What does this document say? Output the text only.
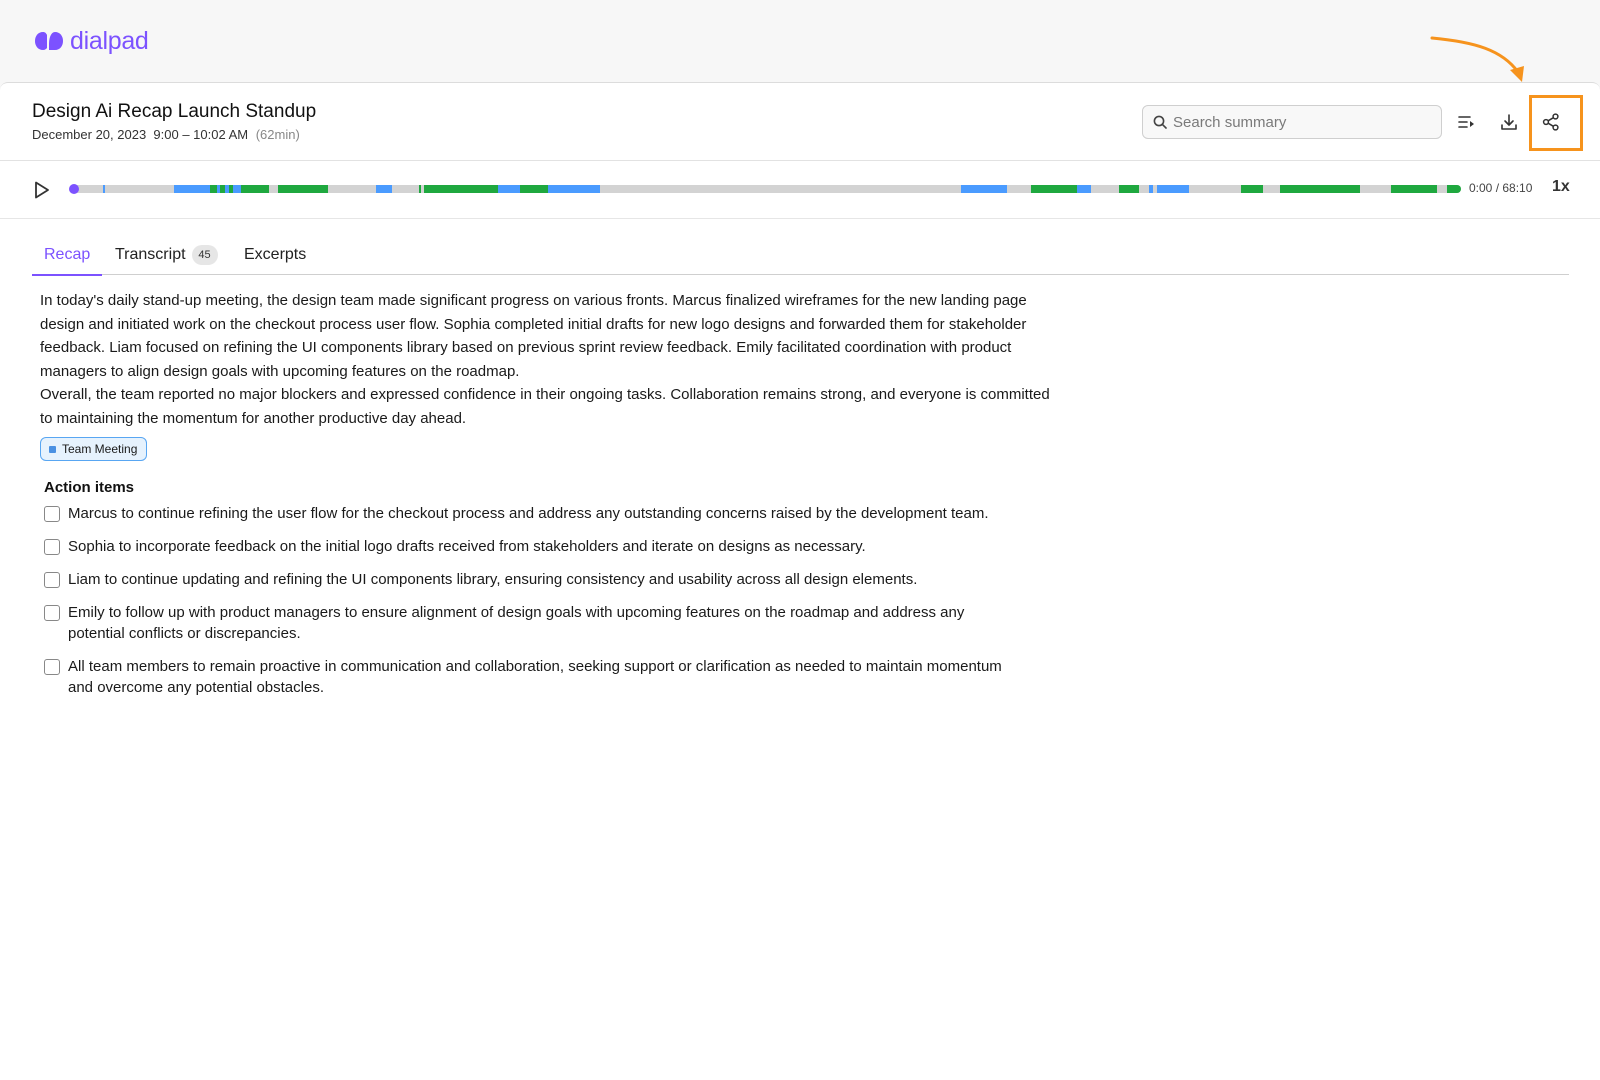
dialpad
Design Ai Recap Launch Standup
December 20, 2023  9:00 – 10:02 AM (62min)
Search summary
0:00 / 68:10 1x
Recap Transcript	45	Excerpts

In today's daily stand-up meeting, the design team made significant progress on various fronts. Marcus finalized wireframes for the new landing page design and initiated work on the checkout process user flow. Sophia completed initial drafts for new logo designs and forwarded them for stakeholder feedback. Liam focused on refining the UI components library based on previous sprint review feedback. Emily facilitated coordination with product managers to align design goals with upcoming features on the roadmap.

Overall, the team reported no major blockers and expressed confidence in their ongoing tasks. Collaboration remains strong, and everyone is committed to maintaining the momentum for another productive day ahead.

Team Meeting
Action items
Marcus to continue refining the user flow for the checkout process and address any outstanding concerns raised by the development team.
Sophia to incorporate feedback on the initial logo drafts received from stakeholders and iterate on designs as necessary.
Liam to continue updating and refining the UI components library, ensuring consistency and usability across all design elements.
Emily to follow up with product managers to ensure alignment of design goals with upcoming features on the roadmap and address any potential conflicts or discrepancies.
All team members to remain proactive in communication and collaboration, seeking support or clarification as needed to maintain momentum and overcome any potential obstacles.
